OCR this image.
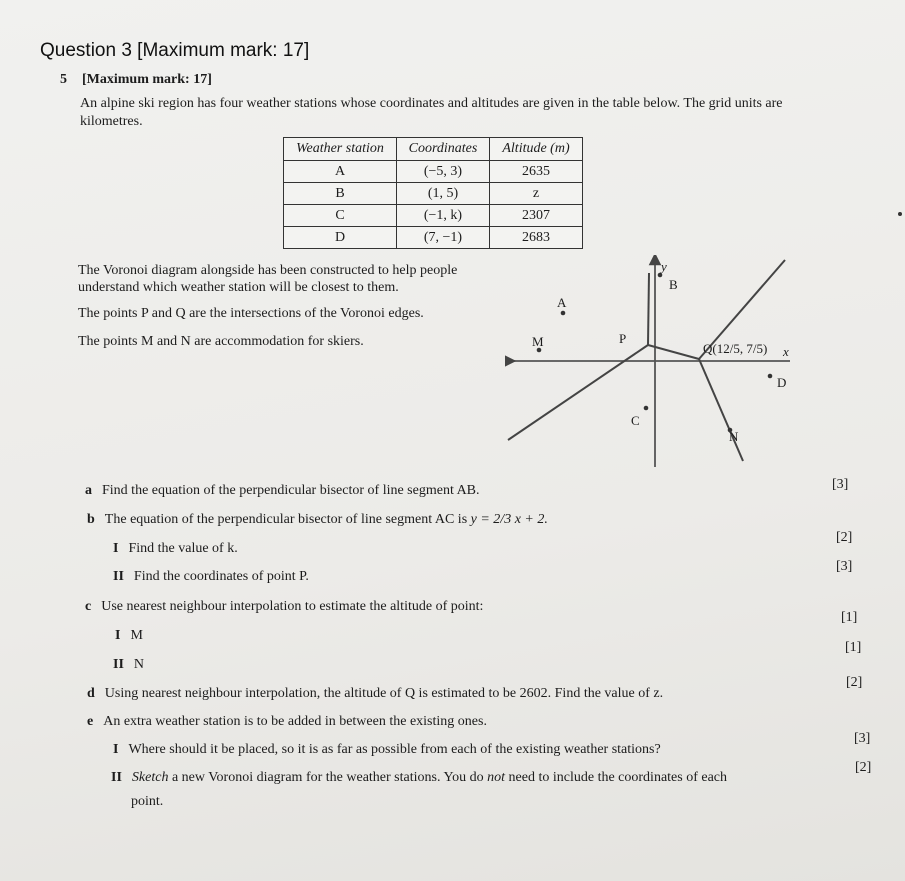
Question 3 [Maximum mark: 17]
5 [Maximum mark: 17]
An alpine ski region has four weather stations whose coordinates and altitudes are given in the table below. The grid units are kilometres.
Weather station	Coordinates	Altitude (m)
A	(−5, 3)	2635
B	(1, 5)	z
C	(−1, k)	2307
D	(7, −1)	2683
The Voronoi diagram alongside has been constructed to help people understand which weather station will be closest to them.
The points P and Q are the intersections of the Voronoi edges.
The points M and N are accommodation for skiers.
y
x
B
A
M	P
Q(12/5, 7/5)
C
D
N
a Find the equation of the perpendicular bisector of line segment AB.	[3]
b The equation of the perpendicular bisector of line segment AC is y = 2/3 x + 2.
I Find the value of k.
[2]
II Find the coordinates of point P.
[3]
c Use nearest neighbour interpolation to estimate the altitude of point:
I M
[1]
II N
[1]
d Using nearest neighbour interpolation, the altitude of Q is estimated to be 2602. Find the value of z.
[2]
e An extra weather station is to be added in between the existing ones.
I Where should it be placed, so it is as far as possible from each of the existing weather stations?
[3]
II Sketch a new Voronoi diagram for the weather stations. You do not need to include the coordinates of each
point.
[2]
